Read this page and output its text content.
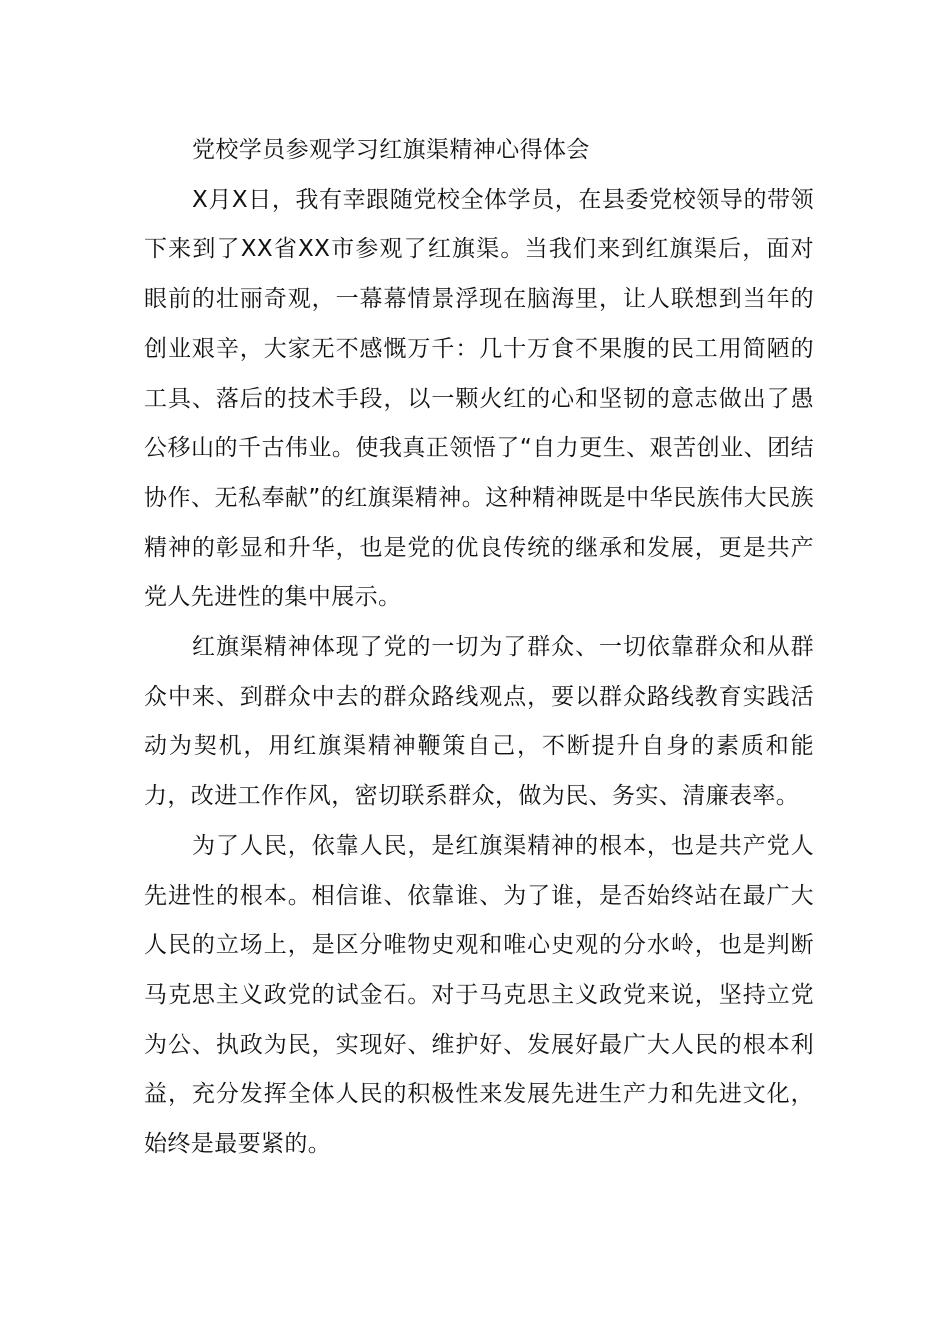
党校学员参观学习红旗渠精神心得体会

X月X日，我有幸跟随党校全体学员，在县委党校领导的带领下来到了XX省XX市参观了红旗渠。当我们来到红旗渠后，面对眼前的壮丽奇观，一幕幕情景浮现在脑海里，让人联想到当年的创业艰辛，大家无不感慨万千：几十万食不果腹的民工用简陋的工具、落后的技术手段，以一颗火红的心和坚韧的意志做出了愚公移山的千古伟业。使我真正领悟了“自力更生、艰苦创业、团结协作、无私奉献”的红旗渠精神。这种精神既是中华民族伟大民族精神的彰显和升华，也是党的优良传统的继承和发展，更是共产党人先进性的集中展示。

红旗渠精神体现了党的一切为了群众、一切依靠群众和从群众中来、到群众中去的群众路线观点，要以群众路线教育实践活动为契机，用红旗渠精神鞭策自己，不断提升自身的素质和能力，改进工作作风，密切联系群众，做为民、务实、清廉表率。

为了人民，依靠人民，是红旗渠精神的根本，也是共产党人先进性的根本。相信谁、依靠谁、为了谁，是否始终站在最广大人民的立场上，是区分唯物史观和唯心史观的分水岭，也是判断马克思主义政党的试金石。对于马克思主义政党来说，坚持立党为公、执政为民，实现好、维护好、发展好最广大人民的根本利益，充分发挥全体人民的积极性来发展先进生产力和先进文化，始终是最要紧的。
